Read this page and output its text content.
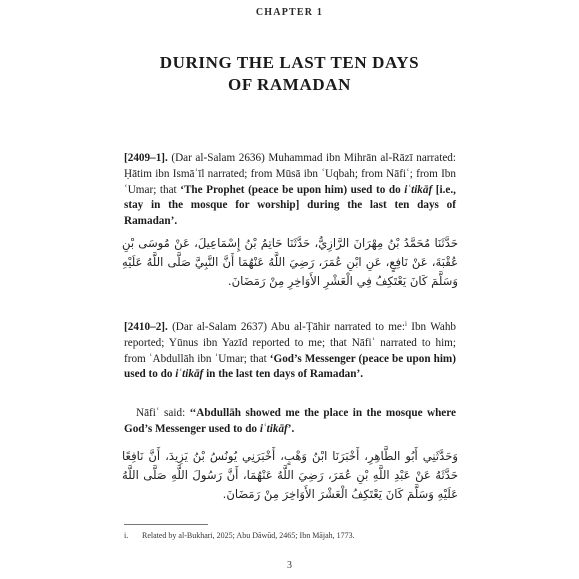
CHAPTER 1
DURING THE LAST TEN DAYS
OF RAMADAN

[2409–1]. (Dar al-Salam 2636) Muhammad ibn Mihrān al-Rāzī narrated: Ḥātim ibn Ismāʿīl narrated; from Mūsā ibn ʿUqbah; from Nāfiʿ; from Ibn ʿUmar; that ‘The Prophet (peace be upon him) used to do iʿtikāf [i.e., stay in the mosque for worship] during the last ten days of Ramadan’.

حَدَّثَنَا مُحَمَّدُ بْنُ مِهْرَانَ الرَّازِيُّ، حَدَّثَنَا حَاتِمُ بْنُ إِسْمَاعِيلَ، عَنْ مُوسَى بْنِ عُقْبَةَ، عَنْ نَافِعٍ، عَنِ ابْنِ عُمَرَ، رَضِيَ اللَّهُ عَنْهُمَا أَنَّ النَّبِيَّ صَلَّى اللَّهُ عَلَيْهِ وَسَلَّمَ كَانَ يَعْتَكِفُ فِي الْعَشْرِ الأَوَاخِرِ مِنْ رَمَضَانَ.

[2410–2]. (Dar al-Salam 2637) Abu al-Ṭāhir narrated to me:$^i$ Ibn Wahb reported; Yūnus ibn Yazīd reported to me; that Nāfiʿ narrated to him; from ʿAbdullāh ibn ʿUmar; that ‘God’s Messenger (peace be upon him) used to do iʿtikāf in the last ten days of Ramadan’.

Nāfiʿ said: ‘‘Abdullāh showed me the place in the mosque where God’s Messenger used to do iʿtikāf’.

وَحَدَّثَنِي أَبُو الطَّاهِرِ، أَخْبَرَنَا ابْنُ وَهْبٍ، أَخْبَرَنِي يُونُسُ بْنُ يَزِيدَ، أَنَّ نَافِعًا حَدَّثَهُ عَنْ عَبْدِ اللَّهِ بْنِ عُمَرَ، رَضِيَ اللَّهُ عَنْهُمَا، أَنَّ رَسُولَ اللَّهِ صَلَّى اللَّهُ عَلَيْهِ وَسَلَّمَ كَانَ يَعْتَكِفُ الْعَشْرَ الأَوَاخِرَ مِنْ رَمَضَانَ.
i. Related by al-Bukhari, 2025; Abu Dāwūd, 2465; Ibn Mājah, 1773.
3
